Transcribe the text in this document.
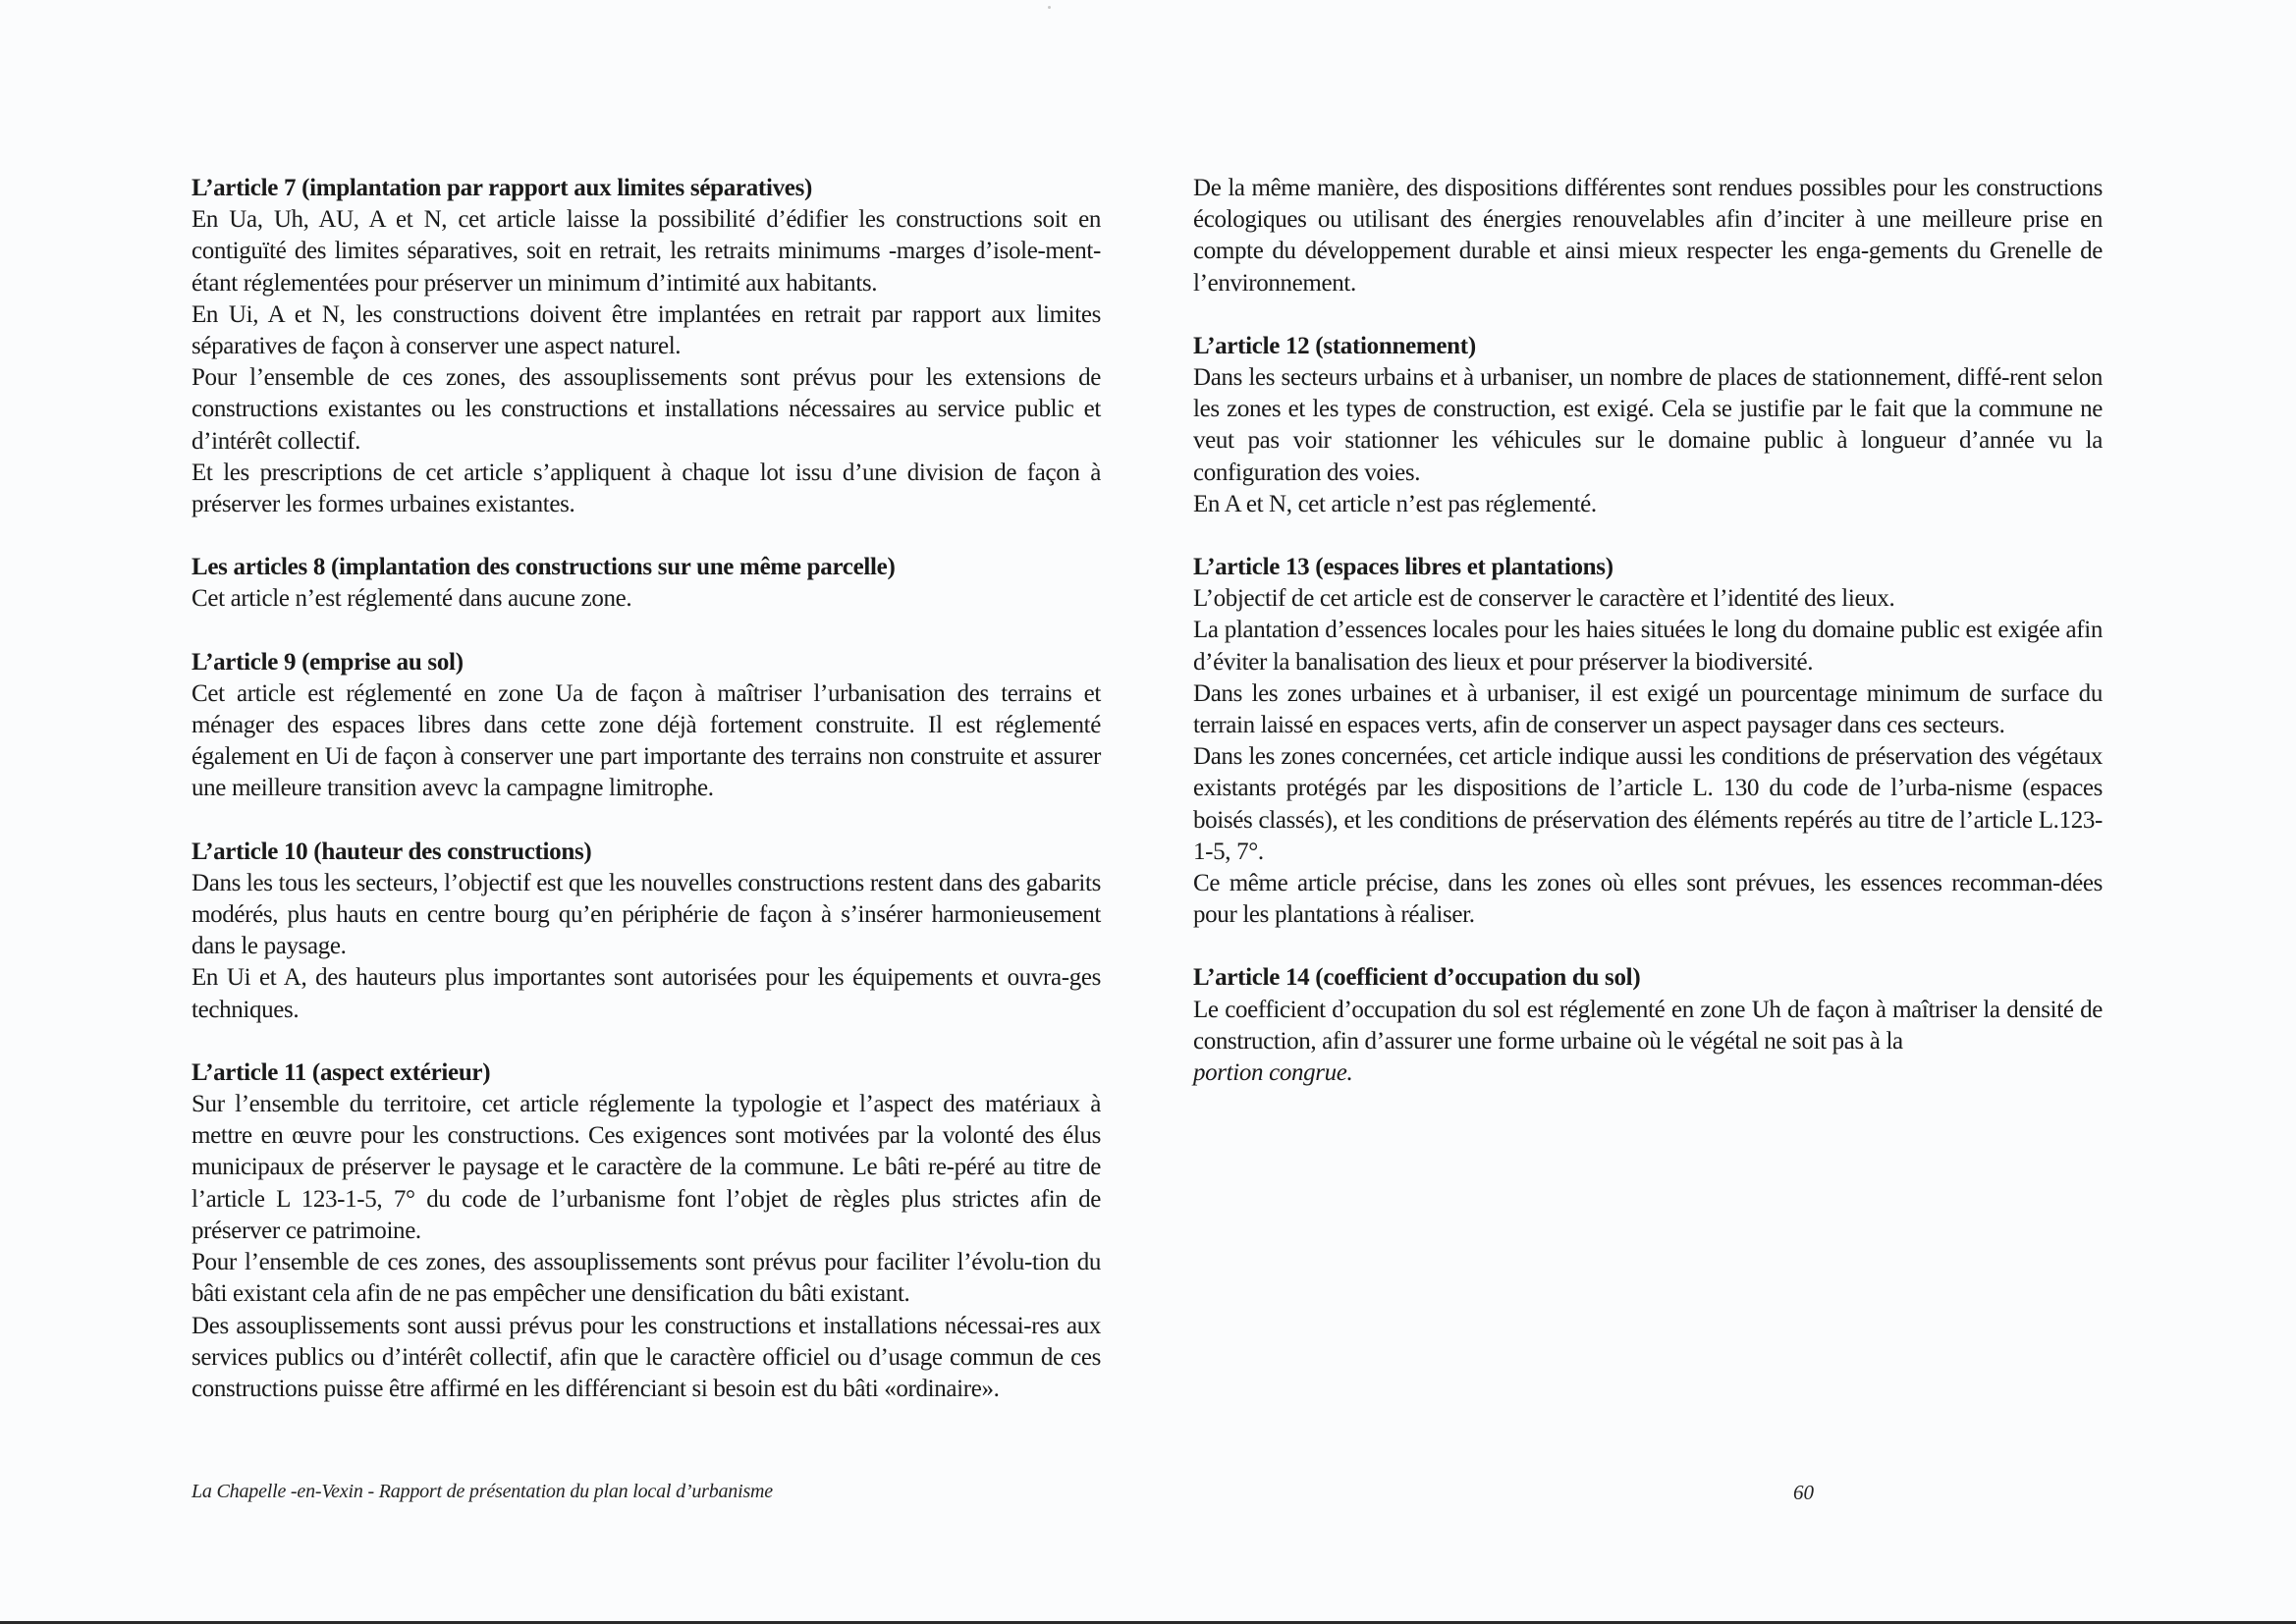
L’article 7 (implantation par rapport aux limites séparatives)

En Ua, Uh, AU, A et N, cet article laisse la possibilité d’édifier les constructions soit en contiguïté des limites séparatives, soit en retrait, les retraits minimums -marges d’isole-ment- étant réglementées pour préserver un minimum d’intimité aux habitants.

En Ui, A et N, les constructions doivent être implantées en retrait par rapport aux limites séparatives de façon à conserver une aspect naturel.

Pour l’ensemble de ces zones, des assouplissements sont prévus pour les extensions de constructions existantes ou les constructions et installations nécessaires au service public et d’intérêt collectif.

Et les prescriptions de cet article s’appliquent à chaque lot issu d’une division de façon à préserver les formes urbaines existantes.

Les articles 8 (implantation des constructions sur une même parcelle)

Cet article n’est réglementé dans aucune zone.

L’article 9 (emprise au sol)

Cet article est réglementé en zone Ua de façon à maîtriser l’urbanisation des terrains et ménager des espaces libres dans cette zone déjà fortement construite. Il est réglementé également en Ui de façon à conserver une part importante des terrains non construite et assurer une meilleure transition avevc la campagne limitrophe.

L’article 10 (hauteur des constructions)

Dans les tous les secteurs, l’objectif est que les nouvelles constructions restent dans des gabarits modérés, plus hauts en centre bourg qu’en périphérie de façon à s’insérer harmonieusement dans le paysage.

En Ui et A, des hauteurs plus importantes sont autorisées pour les équipements et ouvra-ges techniques.

L’article 11 (aspect extérieur)

Sur l’ensemble du territoire, cet article réglemente la typologie et l’aspect des matériaux à mettre en œuvre pour les constructions. Ces exigences sont motivées par la volonté des élus municipaux de préserver le paysage et le caractère de la commune. Le bâti re-péré au titre de l’article L 123-1-5, 7° du code de l’urbanisme font l’objet de règles plus strictes afin de préserver ce patrimoine.

Pour l’ensemble de ces zones, des assouplissements sont prévus pour faciliter l’évolu-tion du bâti existant cela afin de ne pas empêcher une densification du bâti existant.

Des assouplissements sont aussi prévus pour les constructions et installations nécessai-res aux services publics ou d’intérêt collectif, afin que le caractère officiel ou d’usage commun de ces constructions puisse être affirmé en les différenciant si besoin est du bâti «ordinaire».

De la même manière, des dispositions différentes sont rendues possibles pour les constructions écologiques ou utilisant des énergies renouvelables afin d’inciter à une meilleure prise en compte du développement durable et ainsi mieux respecter les enga-gements du Grenelle de l’environnement.

L’article 12 (stationnement)

Dans les secteurs urbains et à urbaniser, un nombre de places de stationnement, diffé-rent selon les zones et les types de construction, est exigé. Cela se justifie par le fait que la commune ne veut pas voir stationner les véhicules sur le domaine public à longueur d’année vu la configuration des voies.

En A et N, cet article n’est pas réglementé.

L’article 13 (espaces libres et plantations)

L’objectif de cet article est de conserver le caractère et l’identité des lieux.

La plantation d’essences locales pour les haies situées le long du domaine public est exigée afin d’éviter la banalisation des lieux et pour préserver la biodiversité.

Dans les zones urbaines et à urbaniser, il est exigé un pourcentage minimum de surface du terrain laissé en espaces verts, afin de conserver un aspect paysager dans ces secteurs.

Dans les zones concernées, cet article indique aussi les conditions de préservation des végétaux existants protégés par les dispositions de l’article L. 130 du code de l’urba-nisme (espaces boisés classés), et les conditions de préservation des éléments repérés au titre de l’article L.123-1-5, 7°.

Ce même article précise, dans les zones où elles sont prévues, les essences recomman-dées pour les plantations à réaliser.

L’article 14 (coefficient d’occupation du sol)

Le coefficient d’occupation du sol est réglementé en zone Uh de façon à maîtriser la densité de construction, afin d’assurer une forme urbaine où le végétal ne soit pas à la

portion congrue.

La Chapelle -en-Vexin - Rapport de présentation du plan local d’urbanisme	60
